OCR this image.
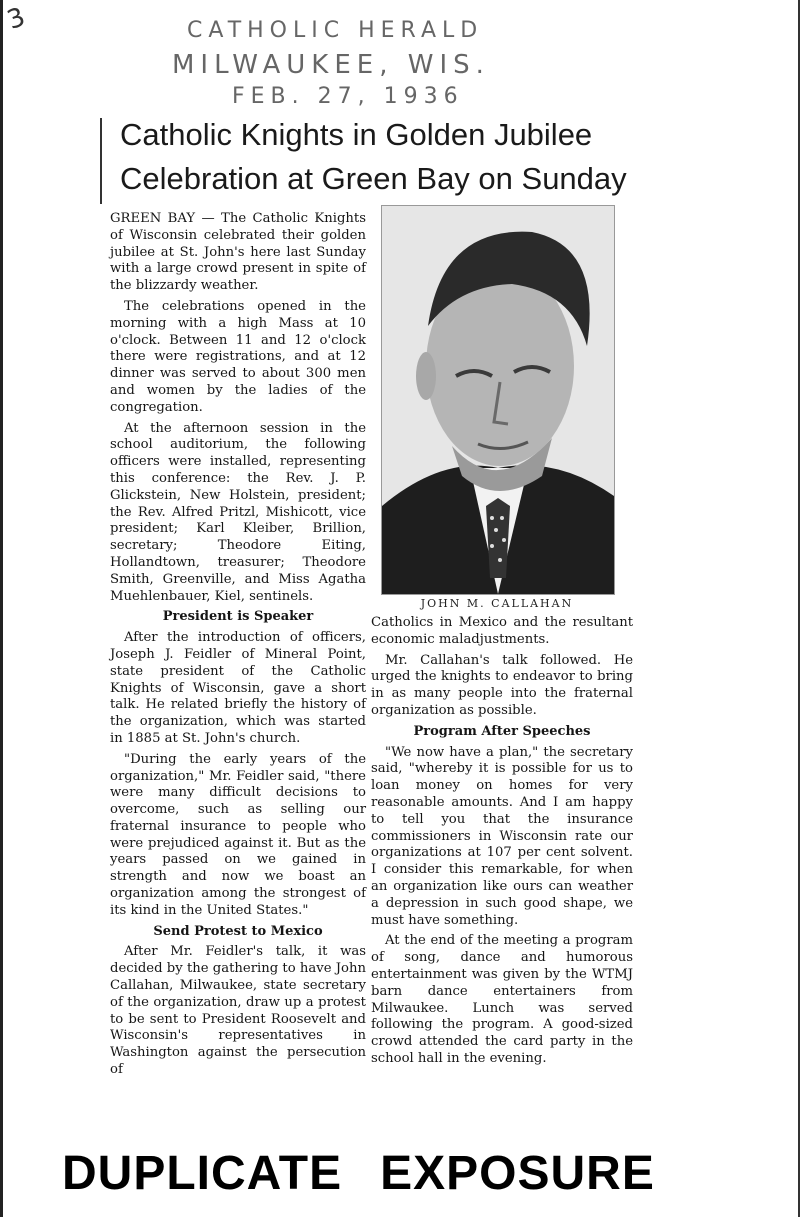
3	CATHOLIC HERALD
MILWAUKEE, WIS.
FEB. 27, 1936
Catholic Knights in Golden Jubilee Celebration at Green Bay on Sunday

GREEN BAY — The Catholic Knights of Wisconsin celebrated their golden jubilee at St. John's here last Sunday with a large crowd present in spite of the blizzardy weather.

The celebrations opened in the morning with a high Mass at 10 o'clock. Between 11 and 12 o'clock there were registrations, and at 12 dinner was served to about 300 men and women by the ladies of the congregation.

At the afternoon session in the school auditorium, the following officers were installed, representing this conference: the Rev. J. P. Glickstein, New Holstein, president; the Rev. Alfred Pritzl, Mishicott, vice president; Karl Kleiber, Brillion, secretary; Theodore Eiting, Hollandtown, treasurer; Theodore Smith, Greenville, and Miss Agatha Muehlenbauer, Kiel, sentinels.

President is Speaker

After the introduction of officers, Joseph J. Feidler of Mineral Point, state president of the Catholic Knights of Wisconsin, gave a short talk. He related briefly the history of the organization, which was started in 1885 at St. John's church.

"During the early years of the organization," Mr. Feidler said, "there were many difficult decisions to overcome, such as selling our fraternal insurance to people who were prejudiced against it. But as the years passed on we gained in strength and now we boast an organization among the strongest of its kind in the United States."

Send Protest to Mexico

After Mr. Feidler's talk, it was decided by the gathering to have John Callahan, Milwaukee, state secretary of the organization, draw up a protest to be sent to President Roosevelt and Wisconsin's representatives in Washington against the persecution of

JOHN M. CALLAHAN

Catholics in Mexico and the resultant economic maladjustments.

Mr. Callahan's talk followed. He urged the knights to endeavor to bring in as many people into the fraternal organization as possible.

Program After Speeches

"We now have a plan," the secretary said, "whereby it is possible for us to loan money on homes for very reasonable amounts. And I am happy to tell you that the insurance commissioners in Wisconsin rate our organizations at 107 per cent solvent. I consider this remarkable, for when an organization like ours can weather a depression in such good shape, we must have something.

At the end of the meeting a program of song, dance and humorous entertainment was given by the WTMJ barn dance entertainers from Milwaukee. Lunch was served following the program. A good-sized crowd attended the card party in the school hall in the evening.

DUPLICATE EXPOSURE
